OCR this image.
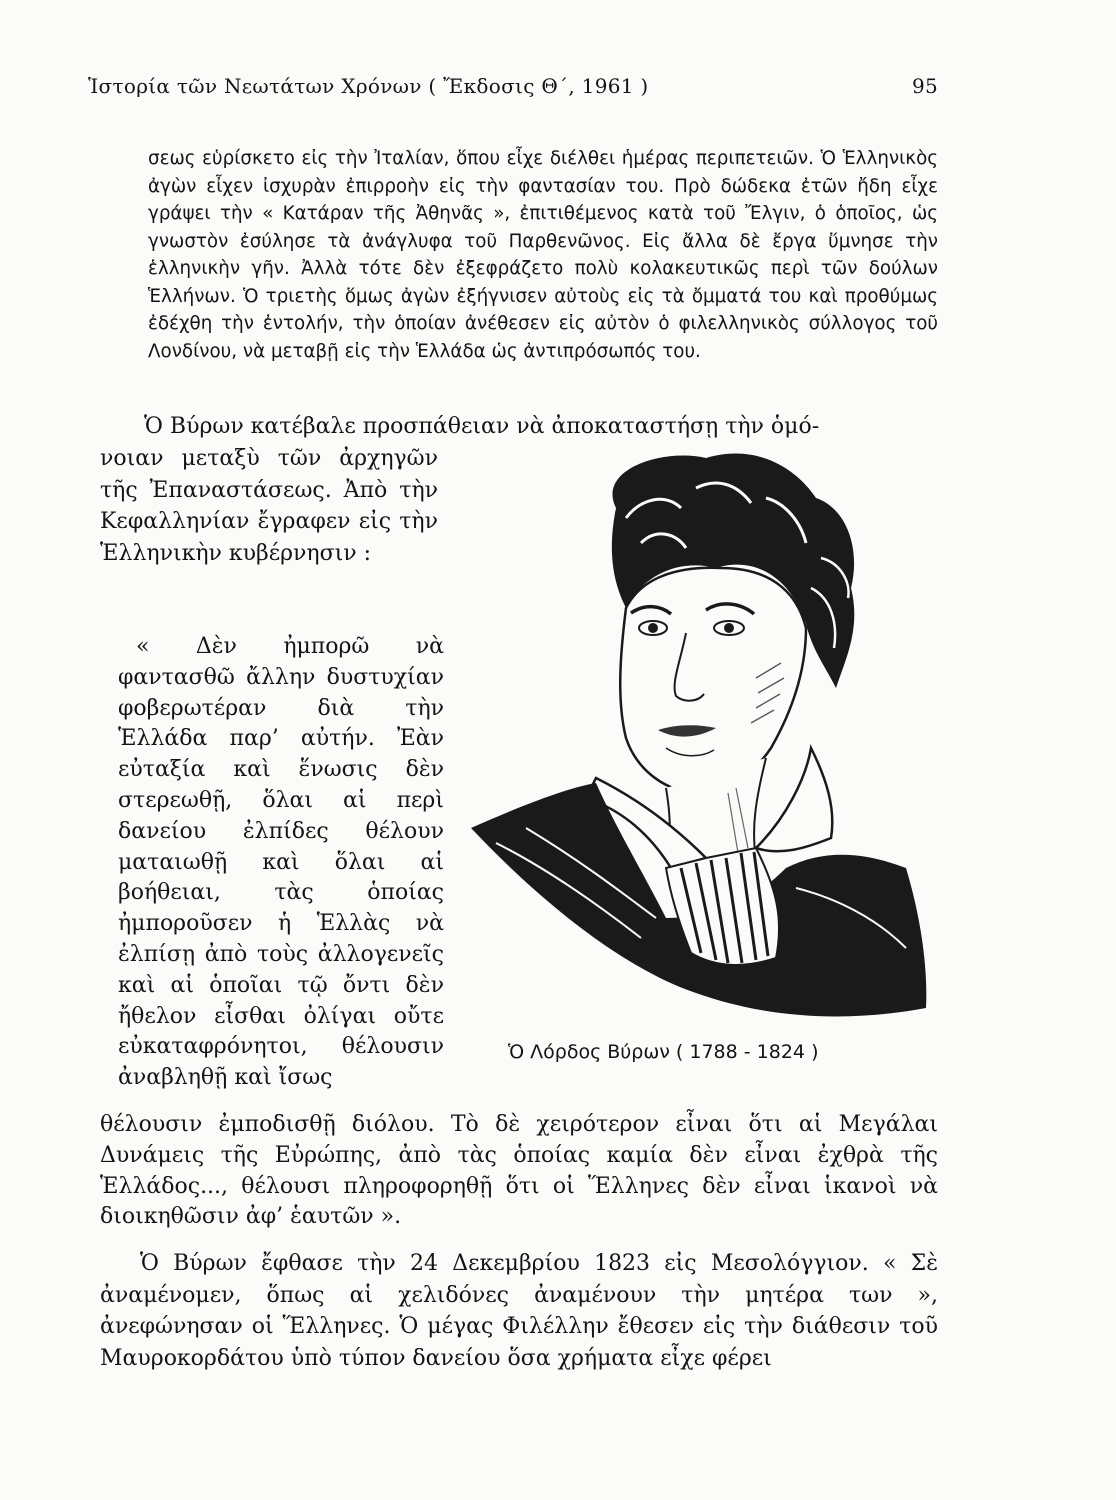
Ἱστορία τῶν Νεωτάτων Χρόνων ( Ἔκδοσις Θ΄, 1961 )	95

σεως εὑρίσκετο εἰς τὴν Ἰταλίαν, ὅπου εἶχε διέλθει ἡμέρας περιπετειῶν. Ὁ Ἑλληνικὸς ἀγὼν εἶχεν ἰσχυρὰν ἐπιρροὴν εἰς τὴν φαντασίαν του. Πρὸ δώδεκα ἐτῶν ἤδη εἶχε γράψει τὴν « Κατάραν τῆς Ἀθηνᾶς », ἐπιτιθέμενος κατὰ τοῦ Ἔλγιν, ὁ ὁποῖος, ὡς γνωστὸν ἐσύλησε τὰ ἀνάγλυφα τοῦ Παρθενῶνος. Εἰς ἄλλα δὲ ἔργα ὕμνησε τὴν ἑλληνικὴν γῆν. Ἀλλὰ τότε δὲν ἐξεφράζετο πολὺ κολακευτικῶς περὶ τῶν δούλων Ἑλλήνων. Ὁ τριετὴς ὅμως ἀγὼν ἐξήγνισεν αὐτοὺς εἰς τὰ ὄμματά του καὶ προθύμως ἐδέχθη τὴν ἐντολήν, τὴν ὁποίαν ἀνέθεσεν εἰς αὐτὸν ὁ φιλελληνικὸς σύλλογος τοῦ Λονδίνου, νὰ μεταβῇ εἰς τὴν Ἑλλάδα ὡς ἀντιπρόσωπός του.

Ὁ Βύρων κατέβαλε προσπάθειαν νὰ ἀποκαταστήσῃ τὴν ὁμό-

νοιαν μεταξὺ τῶν ἀρχηγῶν τῆς Ἐπαναστάσεως. Ἀπὸ τὴν Κεφαλληνίαν ἔγραφεν εἰς τὴν Ἑλληνικὴν κυβέρνησιν :

« Δὲν ἠμπορῶ νὰ φαντασθῶ ἄλλην δυστυχίαν φοβερωτέραν διὰ τὴν Ἑλλάδα παρ’ αὐτήν. Ἐὰν εὐταξία καὶ ἕνωσις δὲν στερεωθῇ, ὅλαι αἱ περὶ δανείου ἐλπίδες θέλουν ματαιωθῇ καὶ ὅλαι αἱ βοήθειαι, τὰς ὁποίας ἠμποροῦσεν ἡ Ἑλλὰς νὰ ἐλπίσῃ ἀπὸ τοὺς ἀλλογενεῖς καὶ αἱ ὁποῖαι τῷ ὄντι δὲν ἤθελον εἶσθαι ὀλίγαι οὔτε εὐκαταφρόνητοι, θέλουσιν ἀναβληθῇ καὶ ἴσως

θέλουσιν ἐμποδισθῇ διόλου. Τὸ δὲ χειρότερον εἶναι ὅτι αἱ Μεγάλαι Δυνάμεις τῆς Εὐρώπης, ἀπὸ τὰς ὁποίας καμία δὲν εἶναι ἐχθρὰ τῆς Ἑλλάδος..., θέλουσι πληροφορηθῇ ὅτι οἱ Ἕλληνες δὲν εἶναι ἱκανοὶ νὰ διοικηθῶσιν ἀφ’ ἑαυτῶν ».

Ὁ Βύρων ἔφθασε τὴν 24 Δεκεμβρίου 1823 εἰς Μεσολόγγιον. « Σὲ ἀναμένομεν, ὅπως αἱ χελιδόνες ἀναμένουν τὴν μητέρα των », ἀνεφώνησαν οἱ Ἕλληνες. Ὁ μέγας Φιλέλλην ἔθεσεν εἰς τὴν διάθεσιν τοῦ Μαυροκορδάτου ὑπὸ τύπον δανείου ὅσα χρήματα εἶχε φέρει

Ὁ Λόρδος Βύρων ( 1788 - 1824 )
